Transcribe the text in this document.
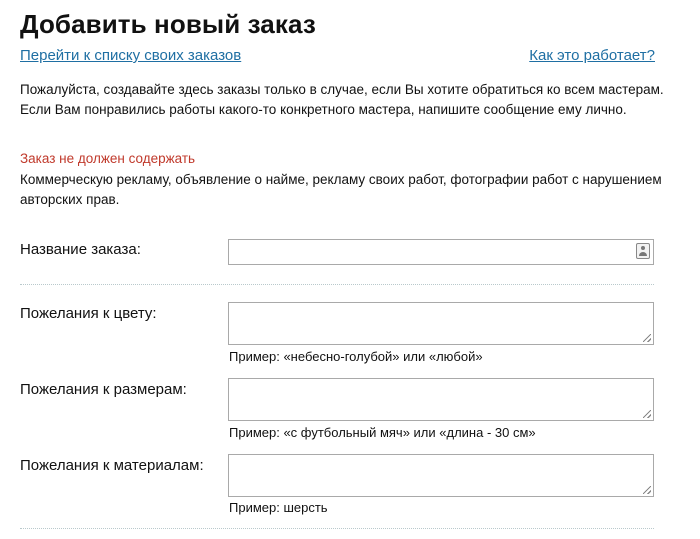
Добавить новый заказ
Перейти к списку своих заказов	Как это работает?

Пожалуйста, создавайте здесь заказы только в случае, если Вы хотите обратиться ко всем мастерам. Если Вам понравились работы какого-то конкретного мастера, напишите сообщение ему лично.

Заказ не должен содержать

Коммерческую рекламу, объявление о найме, рекламу своих работ, фотографии работ с нарушением авторских прав.

Название заказа:
Пожелания к цвету:
Пример: «небесно-голубой» или «любой»
Пожелания к размерам:
Пример: «с футбольный мяч» или «длина - 30 см»
Пожелания к материалам:
Пример: шерсть
